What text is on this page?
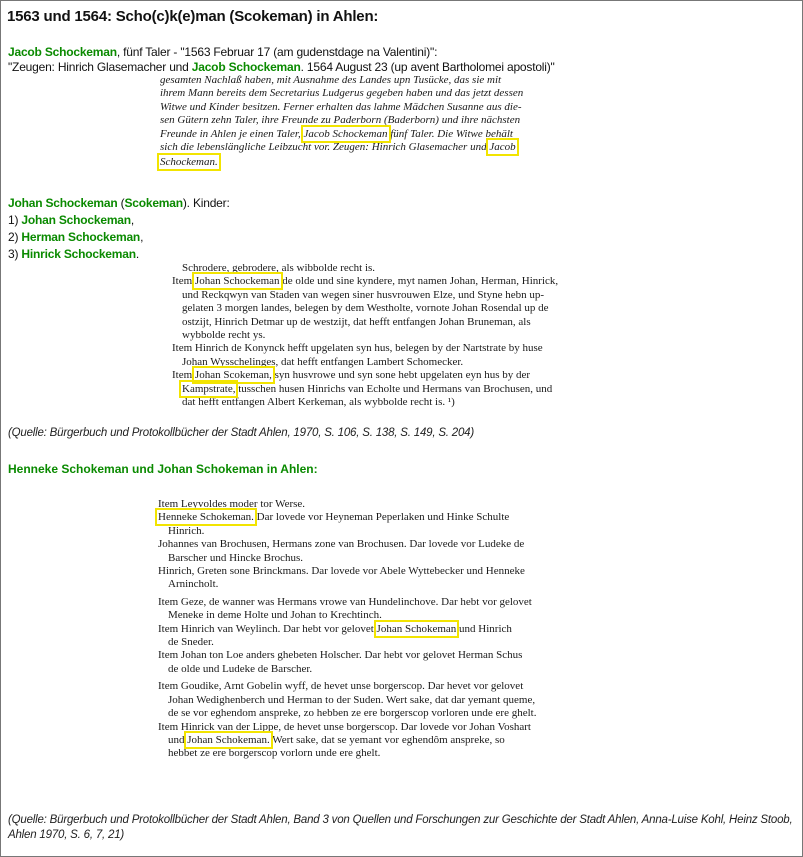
1563 und 1564: Scho(c)k(e)man (Scokeman) in Ahlen:
Jacob Schockeman, fünf Taler - "1563 Februar 17 (am gudenstdage na Valentini)":
"Zeugen: Hinrich Glasemacher und Jacob Schockeman. 1564 August 23 (up avent Bartholomei apostoli)"
gesamten Nachlaß haben, mit Ausnahme des Landes upn Tusücke, das sie mit
ihrem Mann bereits dem Secretarius Ludgerus gegeben haben und das jetzt dessen
Witwe und Kinder besitzen. Ferner erhalten das lahme Mädchen Susanne aus die-
sen Gütern zehn Taler, ihre Freunde zu Paderborn (Baderborn) und ihre nächsten
Freunde in Ahlen je einen Taler, Jacob Schockeman fünf Taler. Die Witwe behält
sich die lebenslängliche Leibzucht vor. Zeugen: Hinrich Glasemacher und Jacob
Schockeman.
Johan Schockeman (Scokeman). Kinder:
1) Johan Schockeman,
2) Herman Schockeman,
3) Hinrick Schockeman.
Schrodere, gebrodere, als wibbolde recht is.
Item Johan Schockeman de olde und sine kyndere, myt namen Johan, Herman, Hinrick,
und Reckqwyn van Staden van wegen siner husvrouwen Elze, und Styne hebn up-
gelaten 3 morgen landes, belegen by dem Westholte, vornote Johan Rosendal up de
ostzijt, Hinrich Detmar up de westzijt, dat hefft entfangen Johan Bruneman, als
wybbolde recht ys.
Item Hinrich de Konynck hefft upgelaten syn hus, belegen by der Nartstrate by huse
Johan Wysschelinges, dat hefft entfangen Lambert Schomecker.
Item Johan Scokeman, syn husvrowe und syn sone hebt upgelaten eyn hus by der
Kampstrate, tusschen husen Hinrichs van Echolte und Hermans van Brochusen, und
dat hefft entfangen Albert Kerkeman, als wybbolde recht is. ¹)
(Quelle: Bürgerbuch und Protokollbücher der Stadt Ahlen, 1970, S. 106, S. 138, S. 149, S. 204)
Henneke Schokeman und Johan Schokeman in Ahlen:
Item Leyvoldes moder tor Werse.
Henneke Schokeman. Dar lovede vor Heyneman Peperlaken und Hinke Schulte
Hinrich.
Johannes van Brochusen, Hermans zone van Brochusen. Dar lovede vor Ludeke de
Barscher und Hincke Brochus.
Hinrich, Greten sone Brinckmans. Dar lovede vor Abele Wyttebecker und Henneke
Arnincholt.
Item Geze, de wanner was Hermans vrowe van Hundelinchove. Dar hebt vor gelovet
Meneke in deme Holte und Johan to Krechtinch.
Item Hinrich van Weylinch. Dar hebt vor gelovet Johan Schokeman und Hinrich
de Sneder.
Item Johan ton Loe anders ghebeten Holscher. Dar hebt vor gelovet Herman Schus
de olde und Ludeke de Barscher.
Item Goudike, Arnt Gobelin wyff, de hevet unse borgerscop. Dar hevet vor gelovet
Johan Wedighenberch und Herman to der Suden. Wert sake, dat dar yemant queme,
de se vor eghendom anspreke, zo hebben ze ere borgerscop vorloren unde ere ghelt.
Item Hinrick van der Lippe, de hevet unse borgerscop. Dar lovede vor Johan Voshart
und Johan Schokeman. Wert sake, dat se yemant vor eghendôm anspreke, so
hebbet ze ere borgerscop vorlorn unde ere ghelt.
(Quelle: Bürgerbuch und Protokollbücher der Stadt Ahlen, Band 3 von Quellen und Forschungen zur Geschichte der Stadt Ahlen, Anna-Luise Kohl, Heinz Stoob, Ahlen 1970, S. 6, 7, 21)
